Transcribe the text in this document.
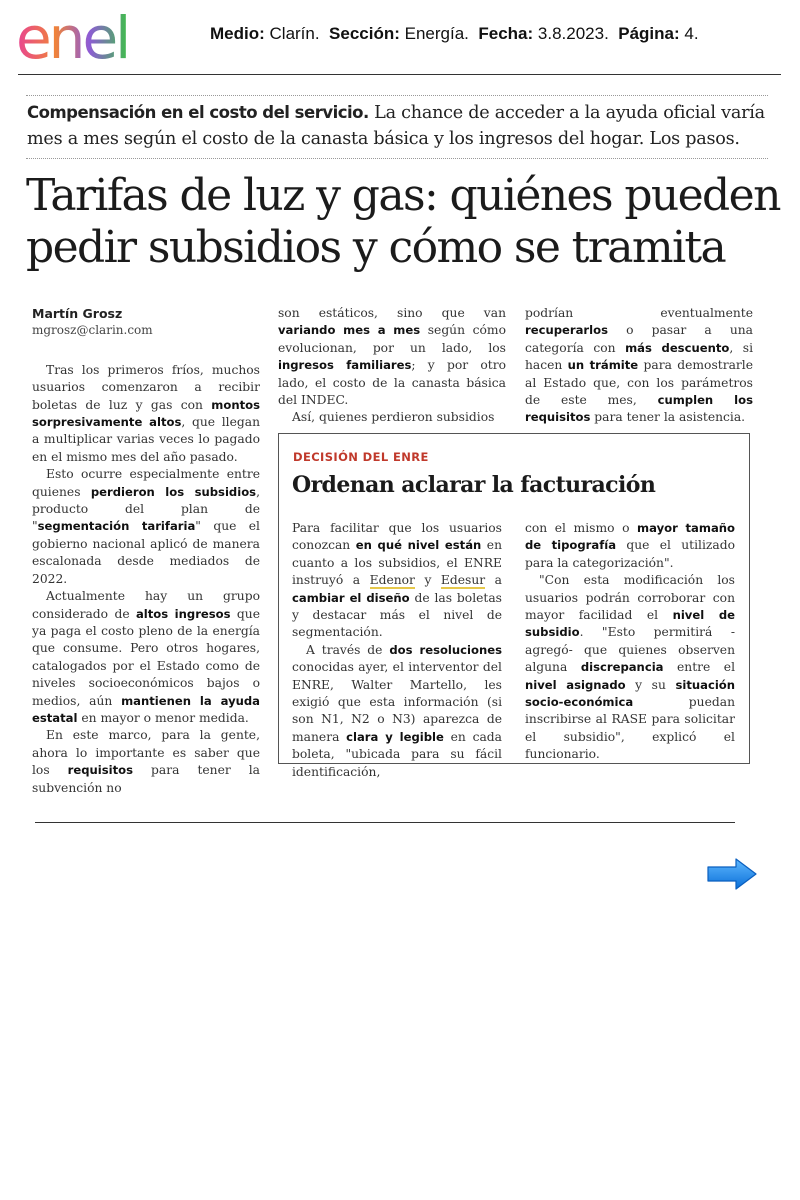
enel	Medio: Clarín. Sección: Energía. Fecha: 3.8.2023. Página: 4.
Compensación en el costo del servicio. La chance de acceder a la ayuda oficial varía mes a mes según el costo de la canasta básica y los ingresos del hogar. Los pasos.
Tarifas de luz y gas: quiénes pueden pedir subsidios y cómo se tramita
Martín Grosz
mgrosz@clarin.com

Tras los primeros fríos, muchos usuarios comenzaron a recibir boletas de luz y gas con montos sorpresivamente altos, que llegan a multiplicar varias veces lo pagado en el mismo mes del año pasado.

Esto ocurre especialmente entre quienes perdieron los subsidios, producto del plan de "segmentación tarifaria" que el gobierno nacional aplicó de manera escalonada desde mediados de 2022.

Actualmente hay un grupo considerado de altos ingresos que ya paga el costo pleno de la energía que consume. Pero otros hogares, catalogados por el Estado como de niveles socioeconómicos bajos o medios, aún mantienen la ayuda estatal en mayor o menor medida.

En este marco, para la gente, ahora lo importante es saber que los requisitos para tener la subvención no

son estáticos, sino que van variando mes a mes según cómo evolucionan, por un lado, los ingresos familiares; y por otro lado, el costo de la canasta básica del INDEC.

Así, quienes perdieron subsidios

podrían eventualmente recuperarlos o pasar a una categoría con más descuento, si hacen un trámite para demostrarle al Estado que, con los parámetros de este mes, cumplen los requisitos para tener la asistencia.

DECISIÓN DEL ENRE
Ordenan aclarar la facturación

Para facilitar que los usuarios conozcan en qué nivel están en cuanto a los subsidios, el ENRE instruyó a Edenor y Edesur a cambiar el diseño de las boletas y destacar más el nivel de segmentación.

A través de dos resoluciones conocidas ayer, el interventor del ENRE, Walter Martello, les exigió que esta información (si son N1, N2 o N3) aparezca de manera clara y legible en cada boleta, "ubicada para su fácil identificación,

con el mismo o mayor tamaño de tipografía que el utilizado para la categorización".

"Con esta modificación los usuarios podrán corroborar con mayor facilidad el nivel de subsidio. "Esto permitirá -agregó- que quienes observen alguna discrepancia entre el nivel asignado y su situación socio-económica puedan inscribirse al RASE para solicitar el subsidio", explicó el funcionario.
